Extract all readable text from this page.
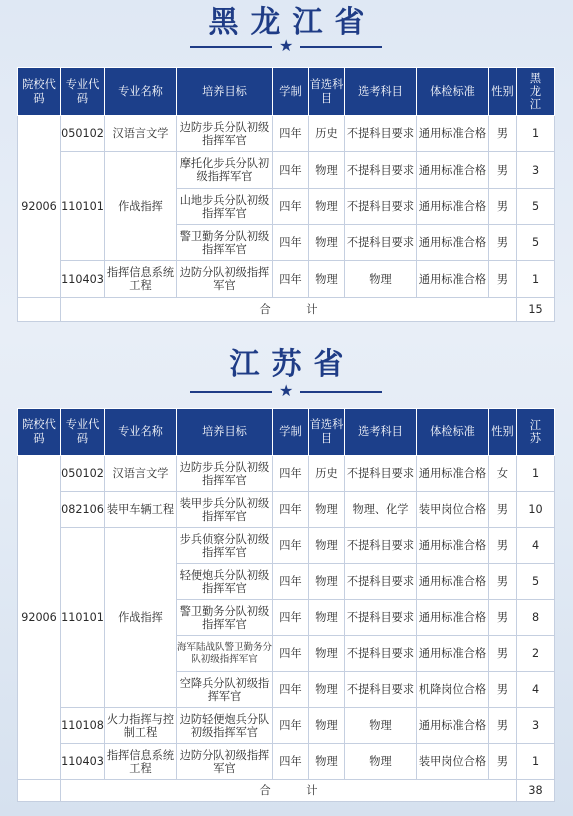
黑龙江省
★
院校代码	专业代码	专业名称	培养目标	学制	首选科目	选考科目	体检标准	性别	黑龙江
92006	050102	汉语言文学	边防步兵分队初级指挥军官	四年	历史	不提科目要求	通用标准合格	男	1
	110101	作战指挥	摩托化步兵分队初级指挥军官	四年	物理	不提科目要求	通用标准合格	男	3
			山地步兵分队初级指挥军官	四年	物理	不提科目要求	通用标准合格	男	5
			警卫勤务分队初级指挥军官	四年	物理	不提科目要求	通用标准合格	男	5
	110403	指挥信息系统工程	边防分队初级指挥军官	四年	物理	物理	通用标准合格	男	1
	合          计								15
江苏省
★
院校代码	专业代码	专业名称	培养目标	学制	首选科目	选考科目	体检标准	性别	江苏
92006	050102	汉语言文学	边防步兵分队初级指挥军官	四年	历史	不提科目要求	通用标准合格	女	1
	082106	装甲车辆工程	装甲步兵分队初级指挥军官	四年	物理	物理、化学	装甲岗位合格	男	10
	110101	作战指挥	步兵侦察分队初级指挥军官	四年	物理	不提科目要求	通用标准合格	男	4
			轻便炮兵分队初级指挥军官	四年	物理	不提科目要求	通用标准合格	男	5
			警卫勤务分队初级指挥军官	四年	物理	不提科目要求	通用标准合格	男	8
			海军陆战队警卫勤务分队初级指挥军官	四年	物理	不提科目要求	通用标准合格	男	2
			空降兵分队初级指挥军官	四年	物理	不提科目要求	机降岗位合格	男	4
	110108	火力指挥与控制工程	边防轻便炮兵分队初级指挥军官	四年	物理	物理	通用标准合格	男	3
	110403	指挥信息系统工程	边防分队初级指挥军官	四年	物理	物理	装甲岗位合格	男	1
	合          计								38
